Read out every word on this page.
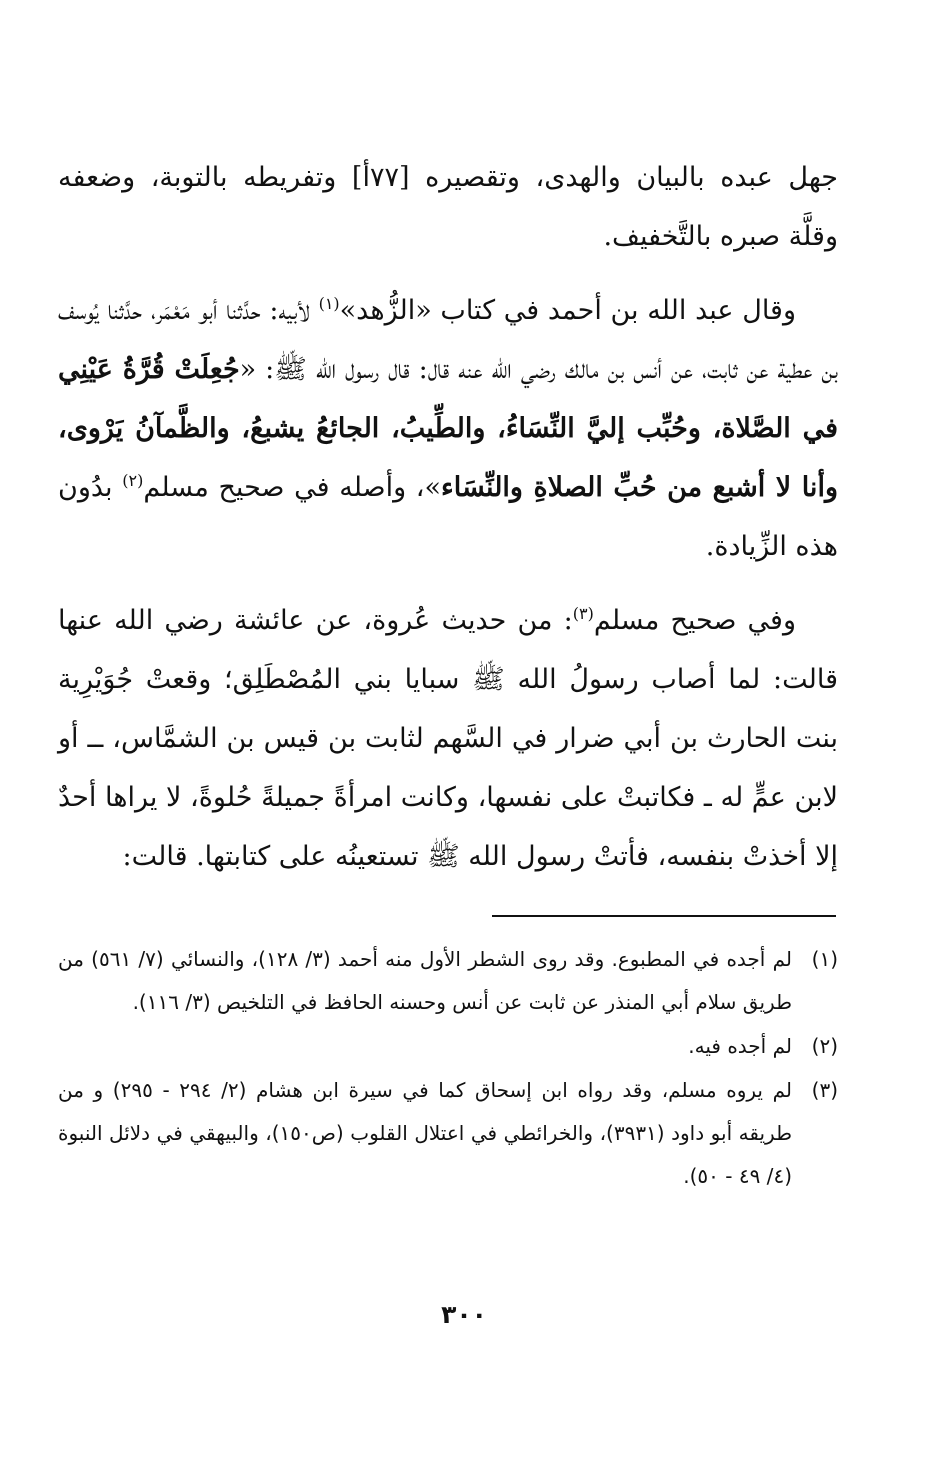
جهل عبده بالبيان والهدى، وتقصيره [٧٧أ] وتفريطه بالتوبة، وضعفه وقلَّة صبره بالتَّخفيف.

وقال عبد الله بن أحمد في كتاب «الزُّهد»$^{(١)}$ لأبيه: حدَّثنا أبو مَعْمَر، حدَّثنا يُوسف بن عطية عن ثابت، عن أنس بن مالك رضي الله عنه قال: قال رسول الله ﷺ: «جُعِلَتْ قُرَّةُ عَيْنِي في الصَّلاة، وحُبِّب إليَّ النِّسَاءُ، والطِّيبُ، الجائعُ يشبعُ، والظَّمآنُ يَرْوى، وأنا لا أشبع من حُبِّ الصلاةِ والنِّسَاء»، وأصله في صحيح مسلم$^{(٢)}$ بدُون هذه الزِّيادة.

وفي صحيح مسلم$^{(٣)}$: من حديث عُروة، عن عائشة رضي الله عنها قالت: لما أصاب رسولُ الله ﷺ سبايا بني المُصْطَلِق؛ وقعتْ جُوَيْرِية بنت الحارث بن أبي ضرار في السَّهم لثابت بن قيس بن الشمَّاس، ــ أو لابن عمٍّ له ـ فكاتبتْ على نفسها، وكانت امرأةً جميلةً حُلوةً، لا يراها أحدٌ إلا أخذتْ بنفسه، فأتتْ رسول الله ﷺ تستعينُه على كتابتها. قالت:

(١)
لم أجده في المطبوع. وقد روى الشطر الأول منه أحمد (٣/ ١٢٨)، والنسائي (٧/ ٥٦١) من طريق سلام أبي المنذر عن ثابت عن أنس وحسنه الحافظ في التلخيص (٣/ ١١٦).
(٢)
لم أجده فيه.
(٣)
لم يروه مسلم، وقد رواه ابن إسحاق كما في سيرة ابن هشام (٢/ ٢٩٤ - ٢٩٥) و من طريقه أبو داود (٣٩٣١)، والخرائطي في اعتلال القلوب (ص١٥٠)، والبيهقي في دلائل النبوة (٤/ ٤٩ - ٥٠).
٣٠٠
